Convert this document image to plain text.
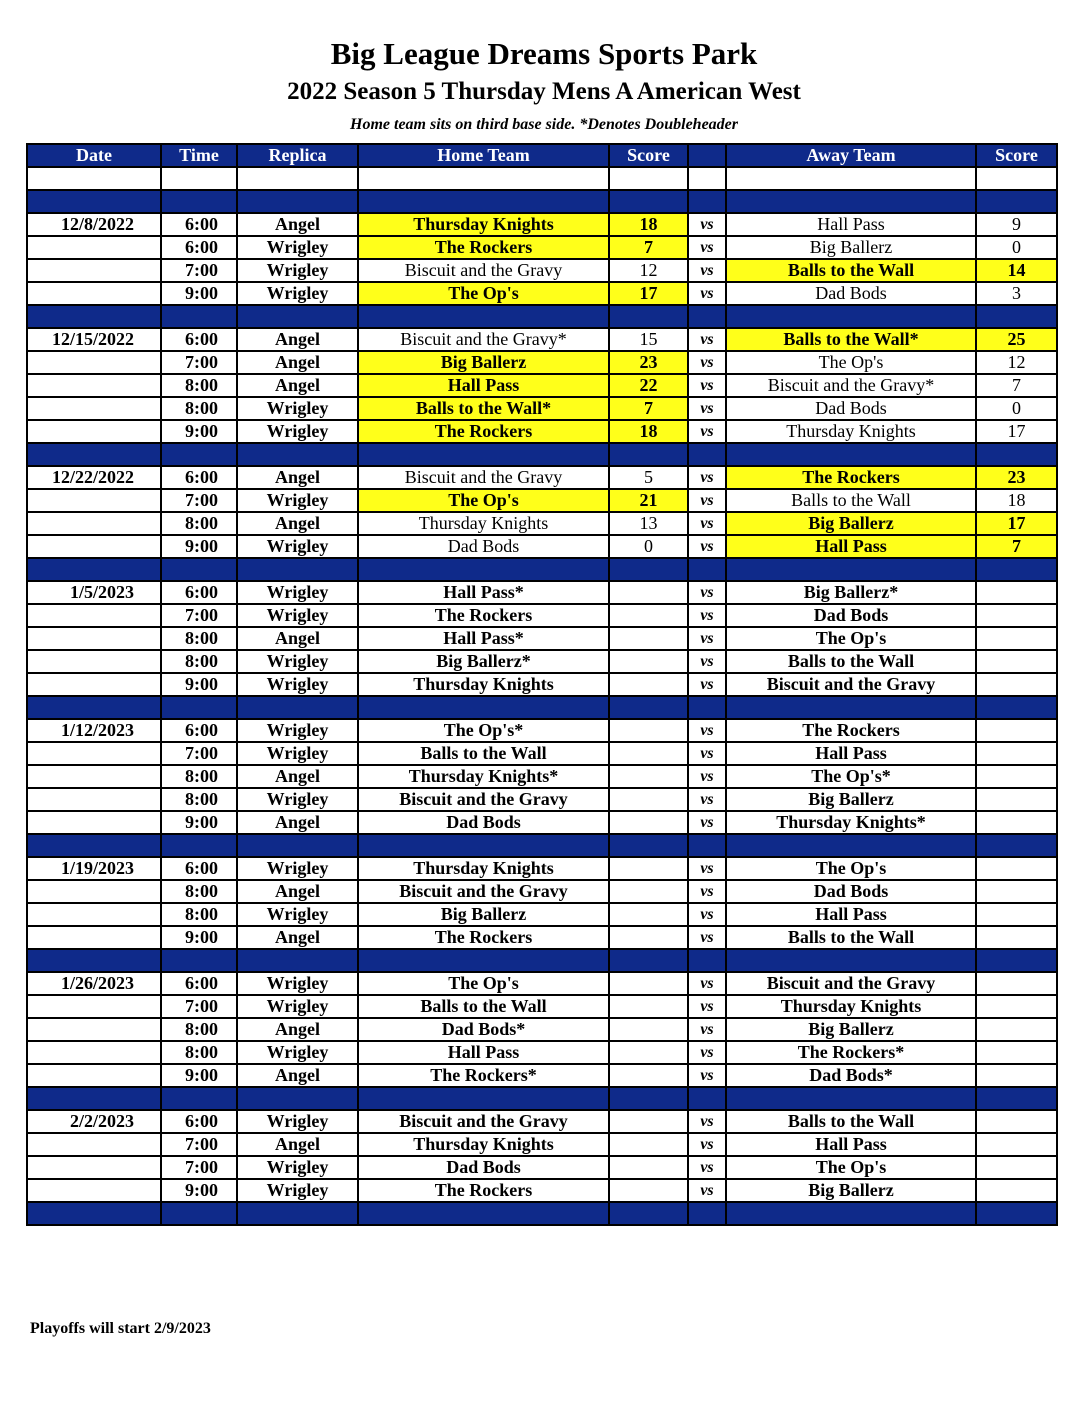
Big League Dreams Sports Park
2022 Season 5 Thursday Mens A American West
Home team sits on third base side. *Denotes Doubleheader
Date	Time	Replica	Home Team	Score		Away Team	Score

12/8/2022	6:00	Angel	Thursday Knights	18	vs	Hall Pass	9
	6:00	Wrigley	The Rockers	7	vs	Big Ballerz	0
	7:00	Wrigley	Biscuit and the Gravy	12	vs	Balls to the Wall	14
	9:00	Wrigley	The Op's	17	vs	Dad Bods	3

12/15/2022	6:00	Angel	Biscuit and the Gravy*	15	vs	Balls to the Wall*	25
	7:00	Angel	Big Ballerz	23	vs	The Op's	12
	8:00	Angel	Hall Pass	22	vs	Biscuit and the Gravy*	7
	8:00	Wrigley	Balls to the Wall*	7	vs	Dad Bods	0
	9:00	Wrigley	The Rockers	18	vs	Thursday Knights	17

12/22/2022	6:00	Angel	Biscuit and the Gravy	5	vs	The Rockers	23
	7:00	Wrigley	The Op's	21	vs	Balls to the Wall	18
	8:00	Angel	Thursday Knights	13	vs	Big Ballerz	17
	9:00	Wrigley	Dad Bods	0	vs	Hall Pass	7

1/5/2023	6:00	Wrigley	Hall Pass*		vs	Big Ballerz*	
	7:00	Wrigley	The Rockers		vs	Dad Bods	
	8:00	Angel	Hall Pass*		vs	The Op's	
	8:00	Wrigley	Big Ballerz*		vs	Balls to the Wall	
	9:00	Wrigley	Thursday Knights		vs	Biscuit and the Gravy	

1/12/2023	6:00	Wrigley	The Op's*		vs	The Rockers	
	7:00	Wrigley	Balls to the Wall		vs	Hall Pass	
	8:00	Angel	Thursday Knights*		vs	The Op's*	
	8:00	Wrigley	Biscuit and the Gravy		vs	Big Ballerz	
	9:00	Angel	Dad Bods		vs	Thursday Knights*	

1/19/2023	6:00	Wrigley	Thursday Knights		vs	The Op's	
	8:00	Angel	Biscuit and the Gravy		vs	Dad Bods	
	8:00	Wrigley	Big Ballerz		vs	Hall Pass	
	9:00	Angel	The Rockers		vs	Balls to the Wall	

1/26/2023	6:00	Wrigley	The Op's		vs	Biscuit and the Gravy	
	7:00	Wrigley	Balls to the Wall		vs	Thursday Knights	
	8:00	Angel	Dad Bods*		vs	Big Ballerz	
	8:00	Wrigley	Hall Pass		vs	The Rockers*	
	9:00	Angel	The Rockers*		vs	Dad Bods*	

2/2/2023	6:00	Wrigley	Biscuit and the Gravy		vs	Balls to the Wall	
	7:00	Angel	Thursday Knights		vs	Hall Pass	
	7:00	Wrigley	Dad Bods		vs	The Op's	
	9:00	Wrigley	The Rockers		vs	Big Ballerz	

Playoffs will start 2/9/2023
